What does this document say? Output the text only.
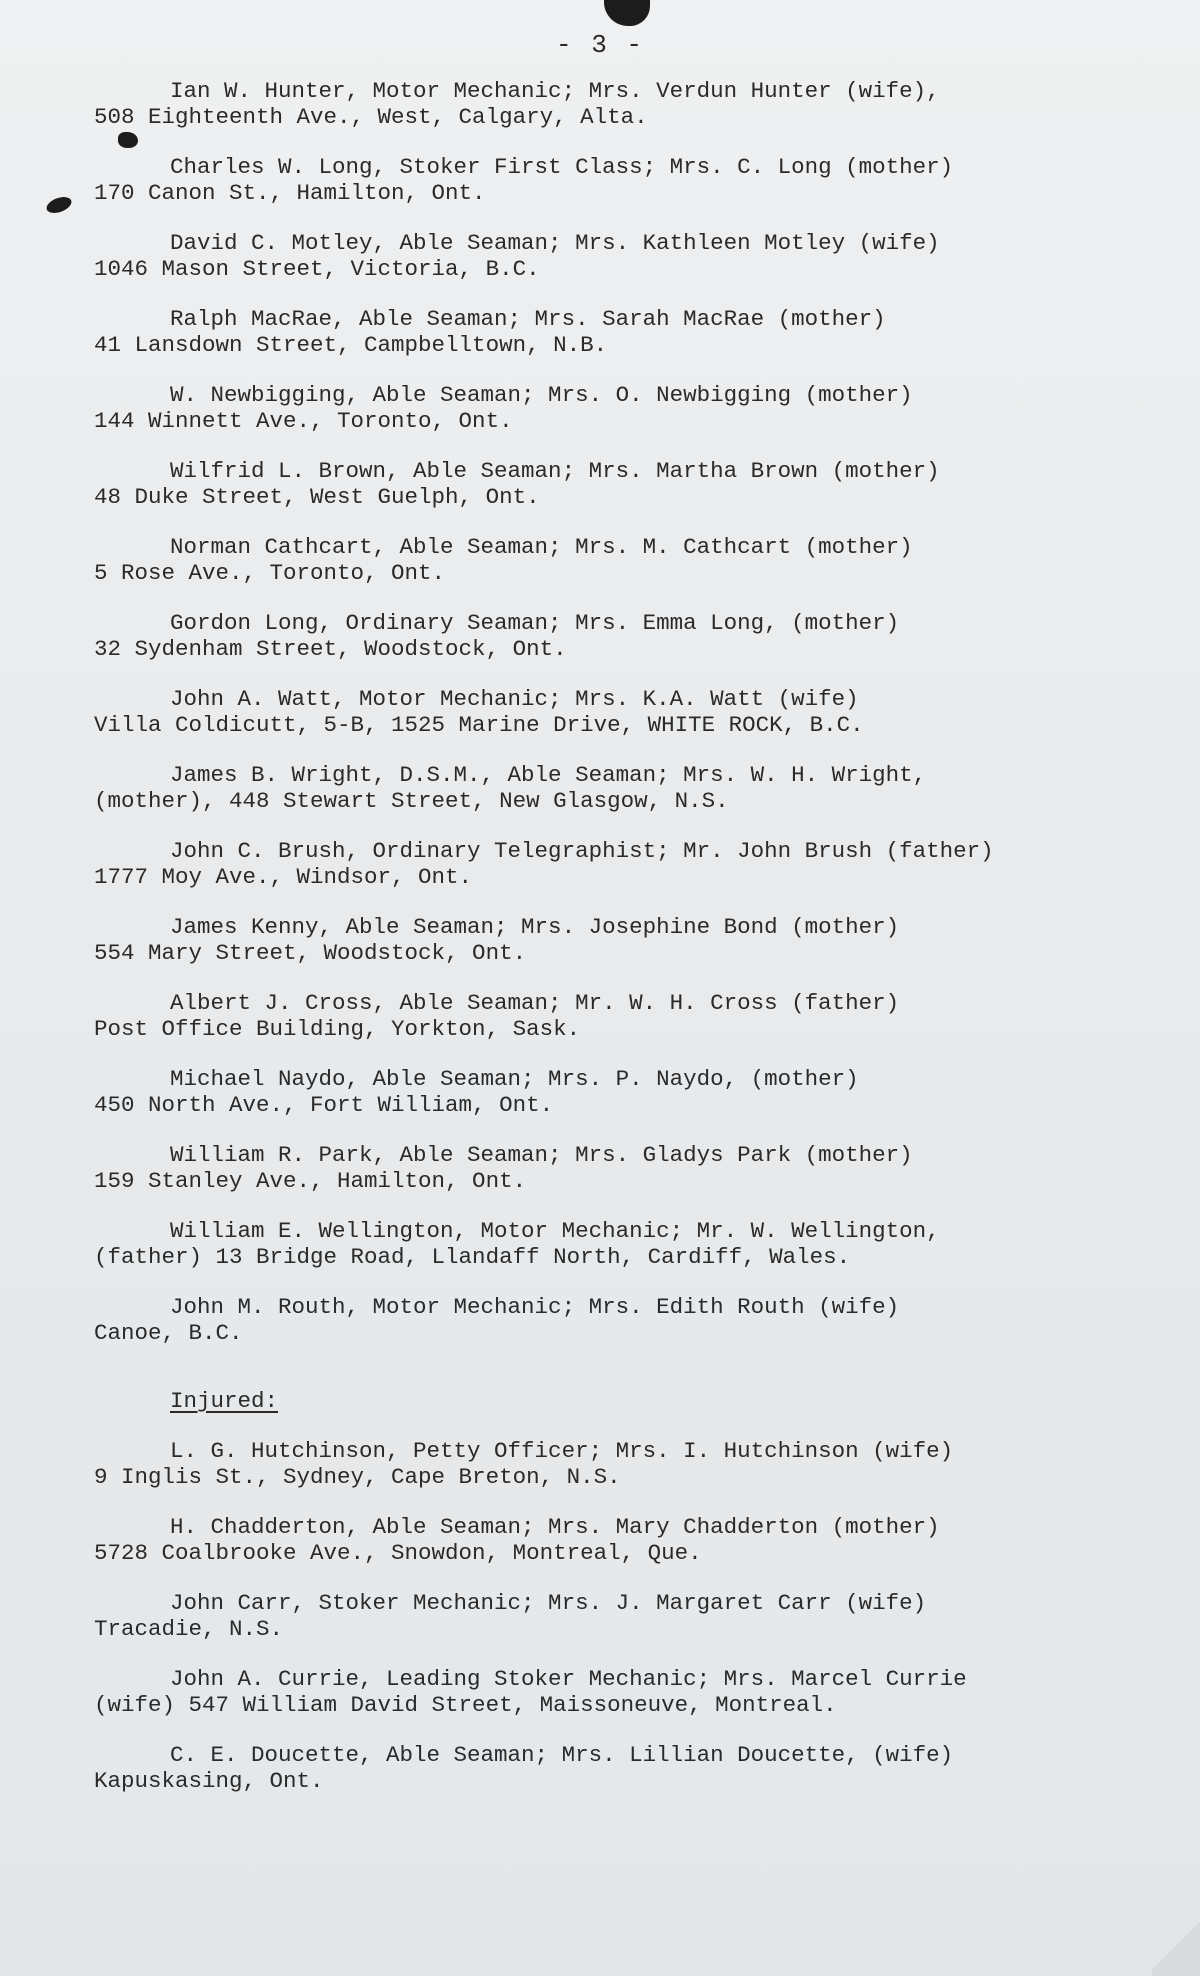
- 3 -
Ian W. Hunter, Motor Mechanic; Mrs. Verdun Hunter (wife),
508 Eighteenth Ave., West, Calgary, Alta.
Charles W. Long, Stoker First Class; Mrs. C. Long (mother)
170 Canon St., Hamilton, Ont.
David C. Motley, Able Seaman; Mrs. Kathleen Motley (wife)
1046 Mason Street, Victoria, B.C.
Ralph MacRae, Able Seaman; Mrs. Sarah MacRae (mother)
41 Lansdown Street, Campbelltown, N.B.
W. Newbigging, Able Seaman; Mrs. O. Newbigging (mother)
144 Winnett Ave., Toronto, Ont.
Wilfrid L. Brown, Able Seaman; Mrs. Martha Brown (mother)
48 Duke Street, West Guelph, Ont.
Norman Cathcart, Able Seaman; Mrs. M. Cathcart (mother)
5 Rose Ave., Toronto, Ont.
Gordon Long, Ordinary Seaman; Mrs. Emma Long, (mother)
32 Sydenham Street, Woodstock, Ont.
John A. Watt, Motor Mechanic; Mrs. K.A. Watt (wife)
Villa Coldicutt, 5-B, 1525 Marine Drive, WHITE ROCK, B.C.
James B. Wright, D.S.M., Able Seaman; Mrs. W. H. Wright,
(mother), 448 Stewart Street, New Glasgow, N.S.
John C. Brush, Ordinary Telegraphist; Mr. John Brush (father)
1777 Moy Ave., Windsor, Ont.
James Kenny, Able Seaman; Mrs. Josephine Bond (mother)
554 Mary Street, Woodstock, Ont.
Albert J. Cross, Able Seaman; Mr. W. H. Cross (father)
Post Office Building, Yorkton, Sask.
Michael Naydo, Able Seaman; Mrs. P. Naydo, (mother)
450 North Ave., Fort William, Ont.
William R. Park, Able Seaman; Mrs. Gladys Park (mother)
159 Stanley Ave., Hamilton, Ont.
William E. Wellington, Motor Mechanic; Mr. W. Wellington,
(father) 13 Bridge Road, Llandaff North, Cardiff, Wales.
John M. Routh, Motor Mechanic; Mrs. Edith Routh (wife)
Canoe, B.C.
Injured:
L. G. Hutchinson, Petty Officer; Mrs. I. Hutchinson (wife)
9 Inglis St., Sydney, Cape Breton, N.S.
H. Chadderton, Able Seaman; Mrs. Mary Chadderton (mother)
5728 Coalbrooke Ave., Snowdon, Montreal, Que.
John Carr, Stoker Mechanic; Mrs. J. Margaret Carr (wife)
Tracadie, N.S.
John A. Currie, Leading Stoker Mechanic; Mrs. Marcel Currie
(wife) 547 William David Street, Maissoneuve, Montreal.
C. E. Doucette, Able Seaman; Mrs. Lillian Doucette, (wife)
Kapuskasing, Ont.
